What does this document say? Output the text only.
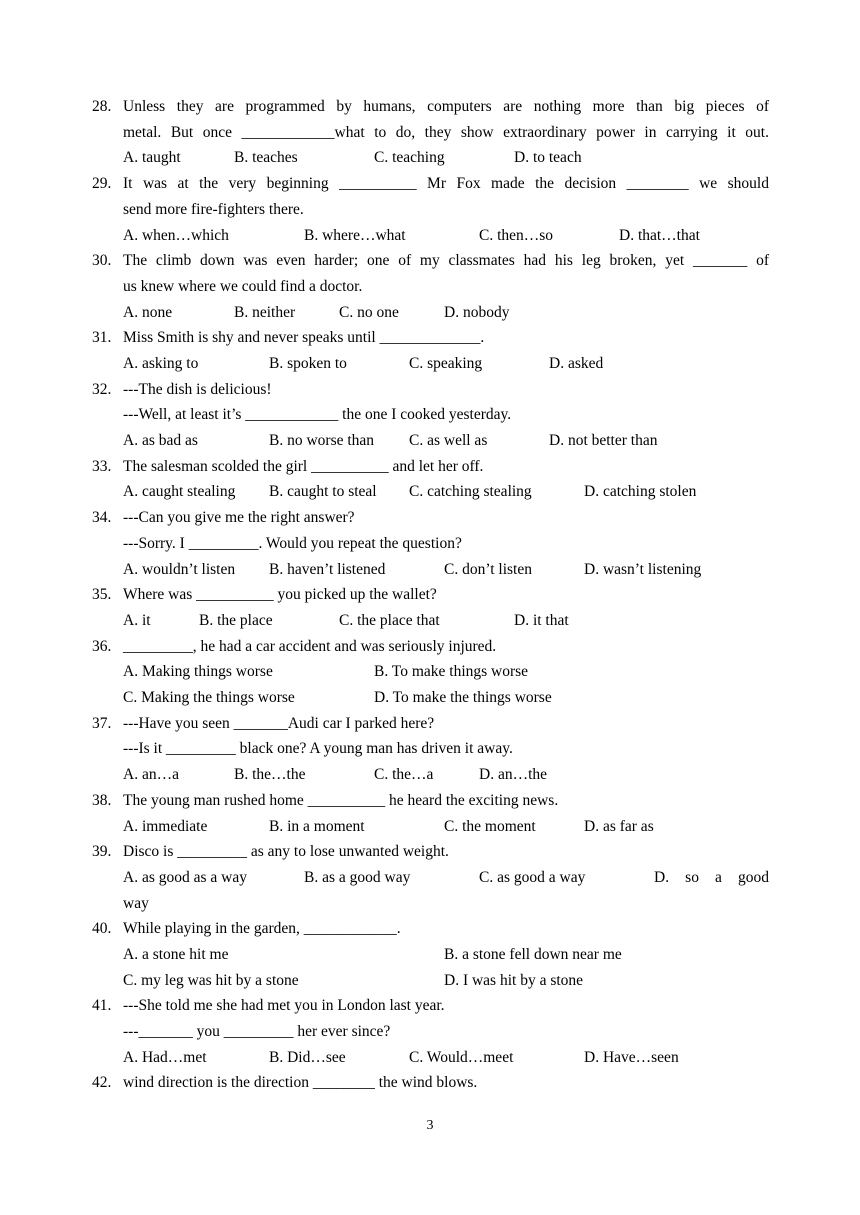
28. Unless they are programmed by humans, computers are nothing more than big pieces of
metal. But once ____________what to do, they show extraordinary power in carrying it out.
A. taught	B. teaches	C. teaching	D. to teach
29. It was at the very beginning __________ Mr Fox made the decision ________ we should
send more fire-fighters there.
A. when…which	B. where…what	C. then…so	D. that…that
30. The climb down was even harder; one of my classmates had his leg broken, yet _______ of
us knew where we could find a doctor.
A. none	B. neither	C. no one	D. nobody
31. Miss Smith is shy and never speaks until _____________.
A. asking to	B. spoken to	C. speaking	D. asked
32. ---The dish is delicious!
---Well, at least it’s ____________ the one I cooked yesterday.
A. as bad as	B. no worse than C. as well as	D. not better than
33. The salesman scolded the girl __________ and let her off.
A. caught stealing B. caught to steal C. catching stealing	D. catching stolen
34. ---Can you give me the right answer?
---Sorry. I _________. Would you repeat the question?
A. wouldn’t listen B. haven’t listened	C. don’t listen	D. wasn’t listening
35. Where was __________ you picked up the wallet?
A. it	B. the place	C. the place that	D. it that
36. _________, he had a car accident and was seriously injured.
A. Making things worse	B. To make things worse
C. Making the things worse	D. To make the things worse
37. ---Have you seen _______Audi car I parked here?
---Is it _________ black one? A young man has driven it away.
A. an…a	B. the…the	C. the…a	D. an…the
38. The young man rushed home __________ he heard the exciting news.
A. immediate	B. in a moment	C. the moment	D. as far as
39. Disco is _________ as any to lose unwanted weight.
A. as good as a way	B. as a good way	C. as good a way	D. so a good
way
40. While playing in the garden, ____________.
A. a stone hit me	B. a stone fell down near me
C. my leg was hit by a stone	D. I was hit by a stone
41. ---She told me she had met you in London last year.
---_______ you _________ her ever since?
A. Had…met	B. Did…see	C. Would…meet	D. Have…seen
42. wind direction is the direction ________ the wind blows.
3
